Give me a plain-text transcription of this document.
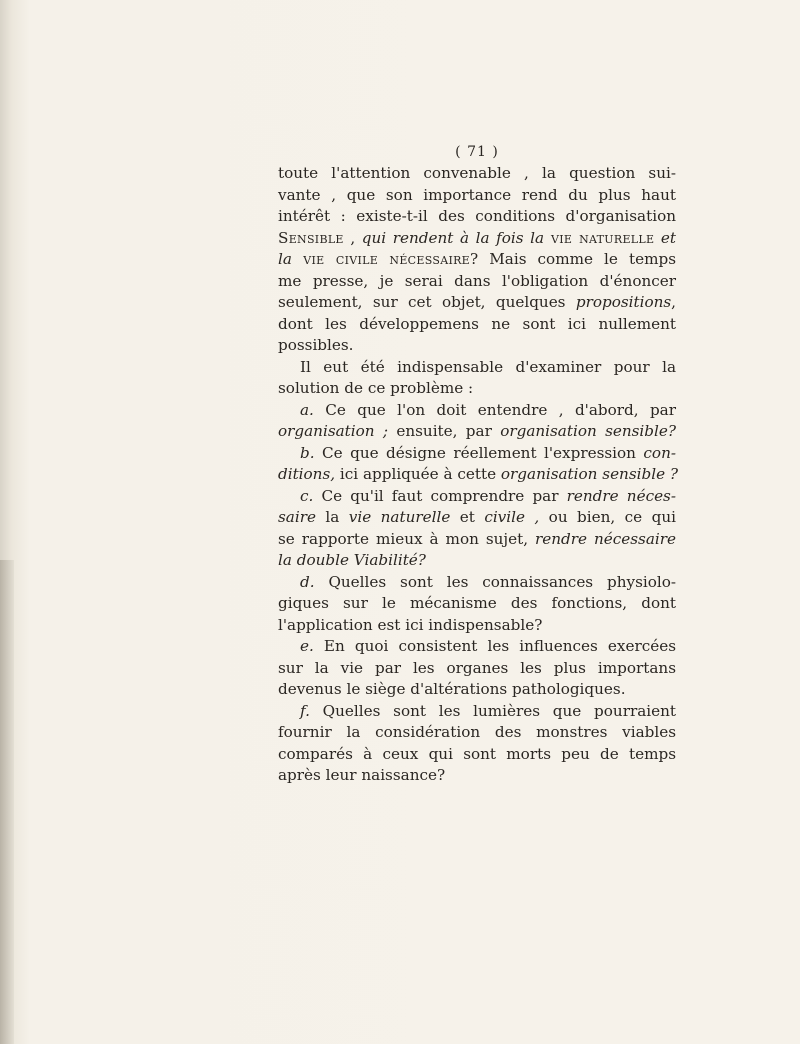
( 71 )
toute l'attention convenable , la question sui-
vante , que son importance rend du plus haut
intérêt : existe-t-il des conditions d'organisation
Sensible , qui rendent à la fois la vie naturelle et
la vie civile nécessaire? Mais comme le temps
me presse, je serai dans l'obligation d'énoncer
seulement, sur cet objet, quelques propositions,
dont les développemens ne sont ici nullement
possibles.
Il eut été indispensable d'examiner pour la
solution de ce problème :
a. Ce que l'on doit entendre , d'abord, par
organisation ; ensuite, par organisation sensible?
b. Ce que désigne réellement l'expression con-
ditions, ici appliquée à cette organisation sensible ?
c. Ce qu'il faut comprendre par rendre néces-
saire la vie naturelle et civile , ou bien, ce qui
se rapporte mieux à mon sujet, rendre nécessaire
la double Viabilité?
d. Quelles sont les connaissances physiolo-
giques sur le mécanisme des fonctions, dont
l'application est ici indispensable?
e. En quoi consistent les influences exercées
sur la vie par les organes les plus importans
devenus le siège d'altérations pathologiques.
f. Quelles sont les lumières que pourraient
fournir la considération des monstres viables
comparés à ceux qui sont morts peu de temps
après leur naissance?
